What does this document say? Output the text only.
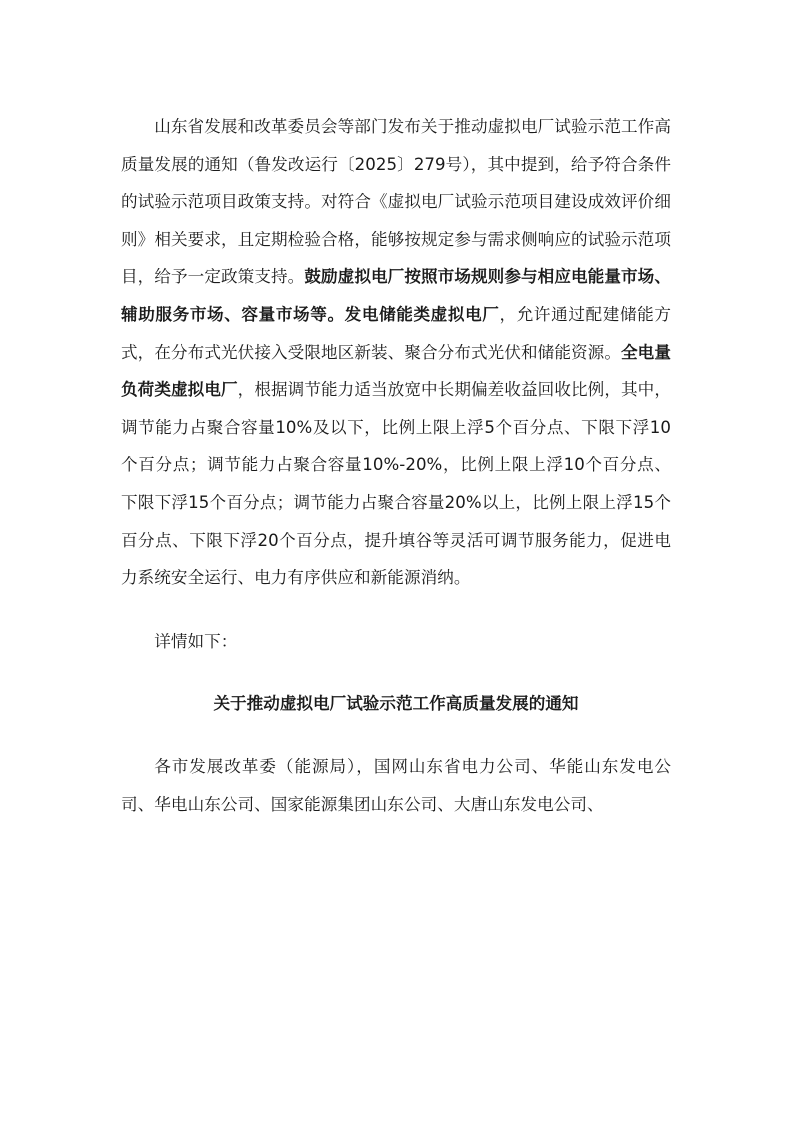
山东省发展和改革委员会等部门发布关于推动虚拟电厂试验示范工作高质量发展的通知（鲁发改运行〔2025〕279号），其中提到，给予符合条件的试验示范项目政策支持。对符合《虚拟电厂试验示范项目建设成效评价细则》相关要求，且定期检验合格，能够按规定参与需求侧响应的试验示范项目，给予一定政策支持。鼓励虚拟电厂按照市场规则参与相应电能量市场、辅助服务市场、容量市场等。发电储能类虚拟电厂，允许通过配建储能方式，在分布式光伏接入受限地区新装、聚合分布式光伏和储能资源。全电量负荷类虚拟电厂，根据调节能力适当放宽中长期偏差收益回收比例，其中，调节能力占聚合容量10%及以下，比例上限上浮5个百分点、下限下浮10个百分点；调节能力占聚合容量10%-20%，比例上限上浮10个百分点、下限下浮15个百分点；调节能力占聚合容量20%以上，比例上限上浮15个百分点、下限下浮20个百分点，提升填谷等灵活可调节服务能力，促进电力系统安全运行、电力有序供应和新能源消纳。

详情如下：

关于推动虚拟电厂试验示范工作高质量发展的通知

各市发展改革委（能源局），国网山东省电力公司、华能山东发电公司、华电山东公司、国家能源集团山东公司、大唐山东发电公司、
